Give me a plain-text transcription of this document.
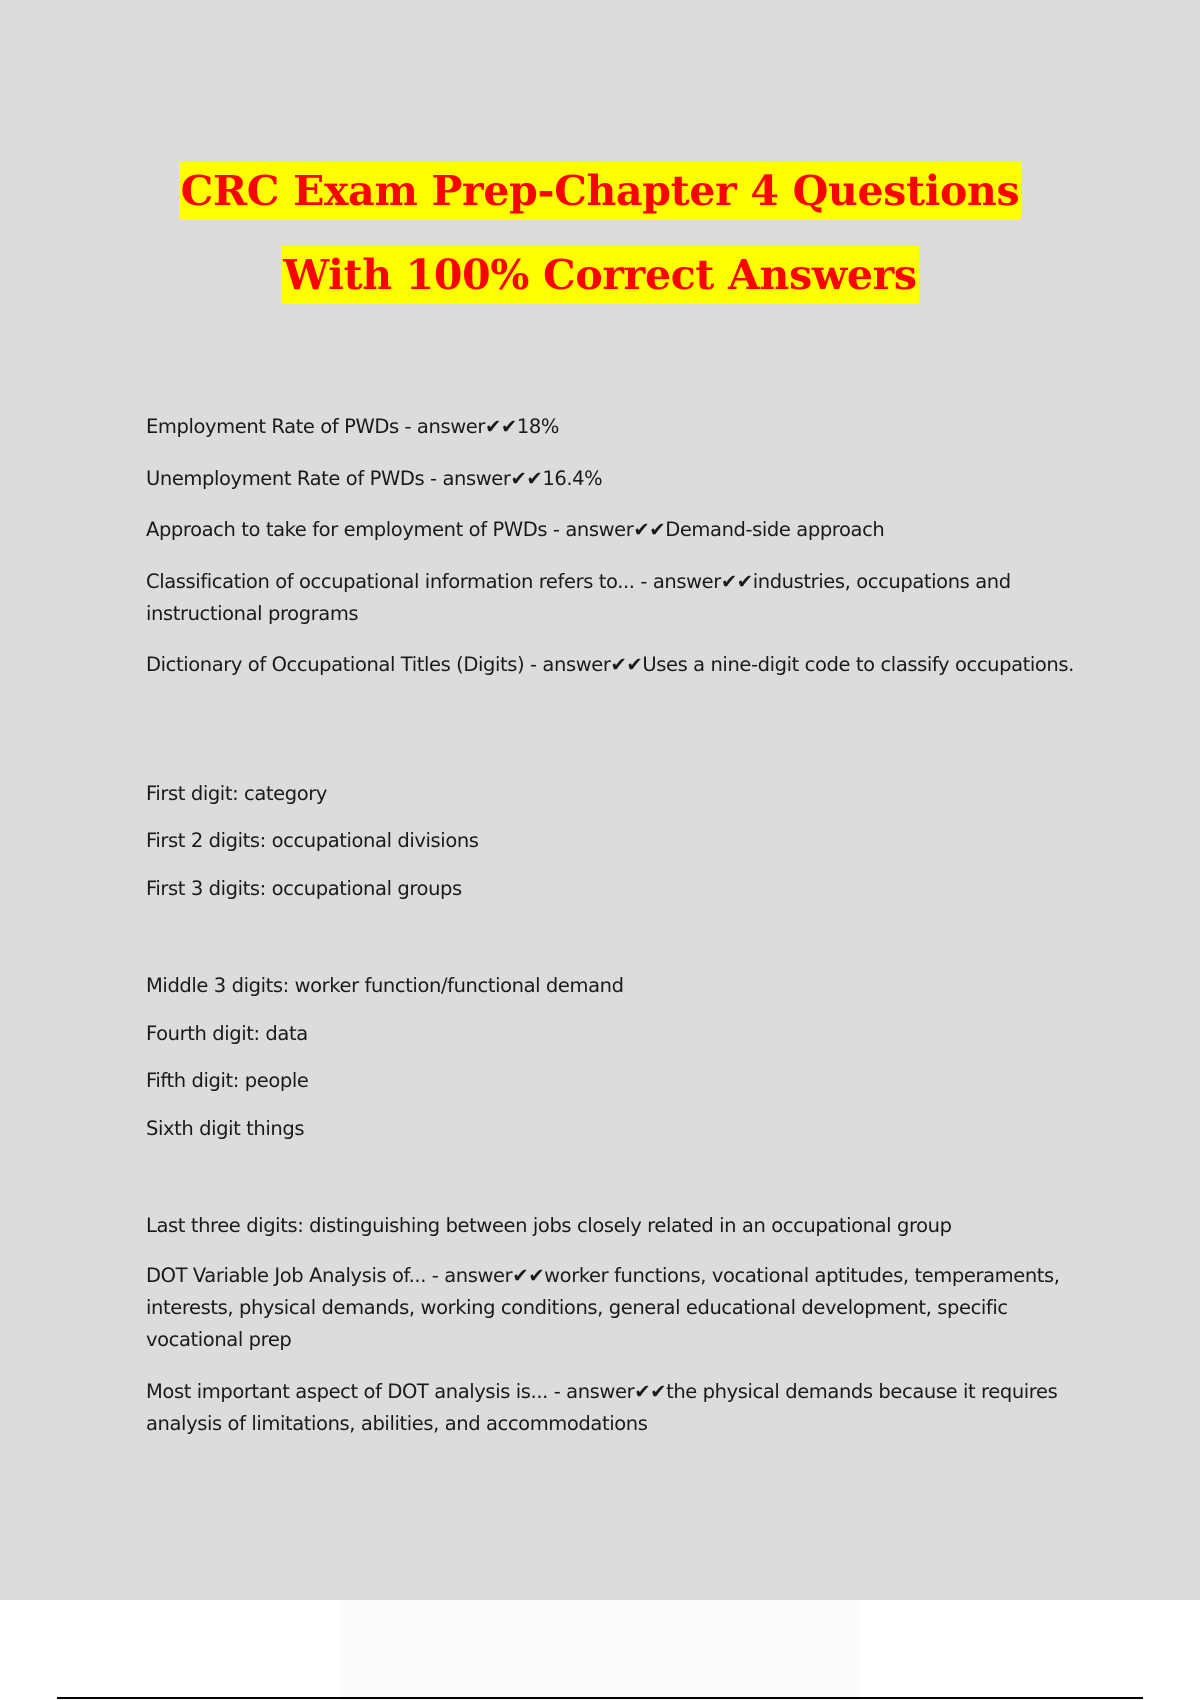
CRC Exam Prep-Chapter 4 Questions
With 100% Correct Answers

Employment Rate of PWDs - answer✔✔18%

Unemployment Rate of PWDs - answer✔✔16.4%

Approach to take for employment of PWDs - answer✔✔Demand-side approach

Classification of occupational information refers to... - answer✔✔industries, occupations and instructional programs

Dictionary of Occupational Titles (Digits) - answer✔✔Uses a nine-digit code to classify occupations.

First digit: category

First 2 digits: occupational divisions

First 3 digits: occupational groups

Middle 3 digits: worker function/functional demand

Fourth digit: data

Fifth digit: people

Sixth digit things

Last three digits: distinguishing between jobs closely related in an occupational group

DOT Variable Job Analysis of... - answer✔✔worker functions, vocational aptitudes, temperaments, interests, physical demands, working conditions, general educational development, specific vocational prep

Most important aspect of DOT analysis is... - answer✔✔the physical demands because it requires analysis of limitations, abilities, and accommodations
